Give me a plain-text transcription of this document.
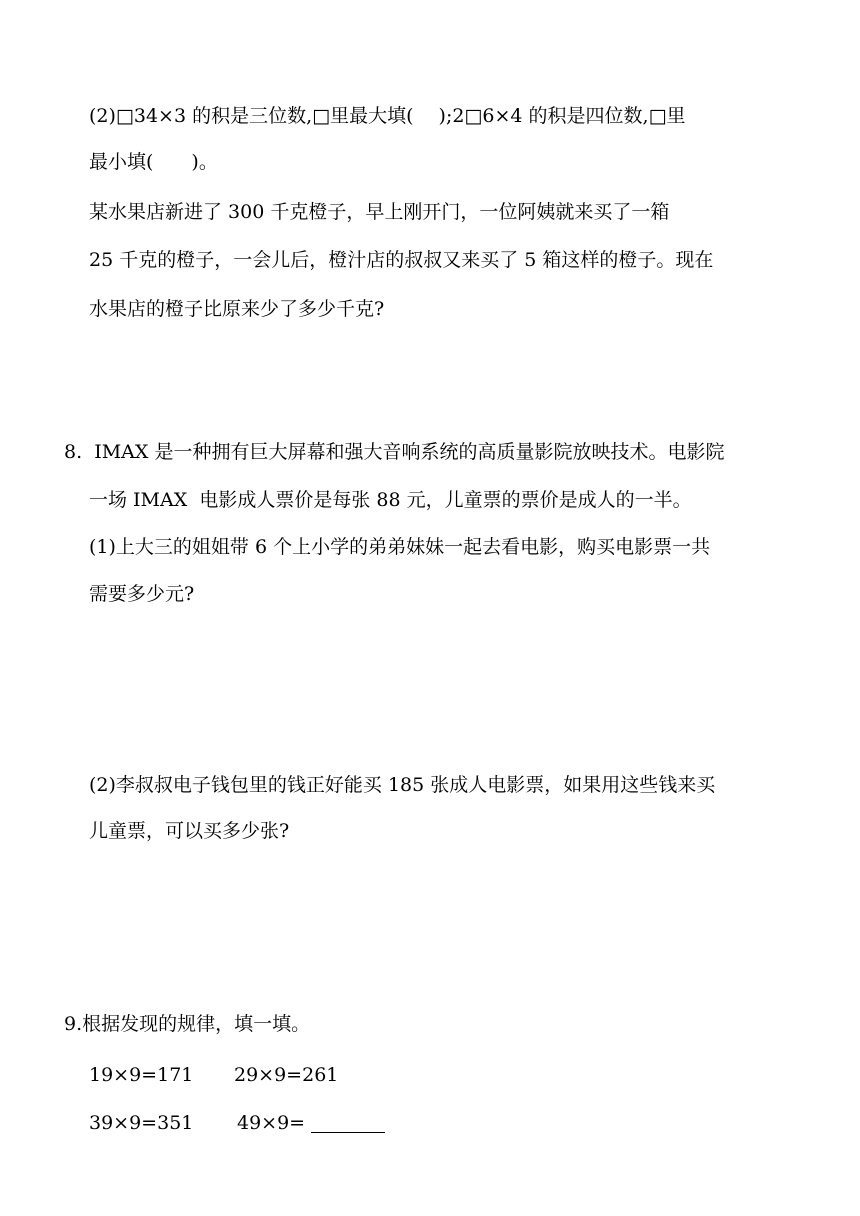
(2)□34×3 的积是三位数,□里最大填(　 );2□6×4 的积是四位数,□里
最小填(　　)。
某水果店新进了 300 千克橙子，早上刚开门，一位阿姨就来买了一箱
25 千克的橙子，一会儿后，橙汁店的叔叔又来买了 5 箱这样的橙子。现在
水果店的橙子比原来少了多少千克?
8.  IMAX 是一种拥有巨大屏幕和强大音响系统的高质量影院放映技术。电影院
一场 IMAX  电影成人票价是每张 88 元，儿童票的票价是成人的一半。
(1)上大三的姐姐带 6 个上小学的弟弟妹妹一起去看电影，购买电影票一共
需要多少元?
(2)李叔叔电子钱包里的钱正好能买 185 张成人电影票，如果用这些钱来买
儿童票，可以买多少张?
9.根据发现的规律，填一填。
19×9=171 29×9=261
39×9=351 49×9=
